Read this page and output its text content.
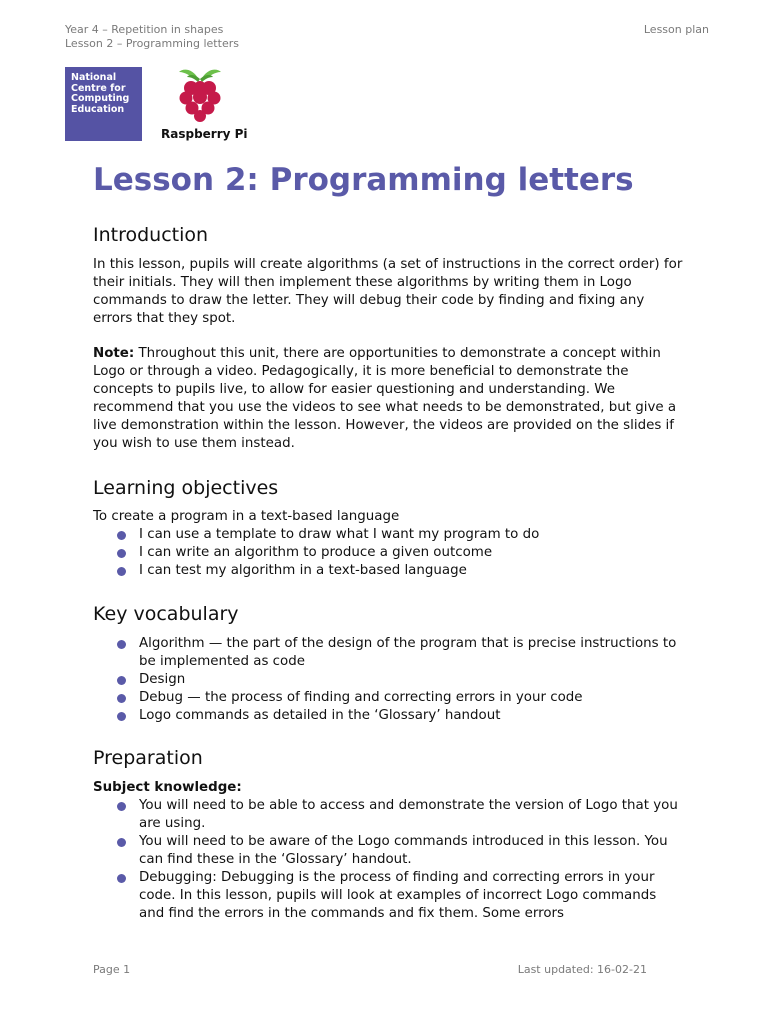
Year 4 – Repetition in shapes
Lesson 2 – Programming letters
Lesson plan
National
Centre for
Computing
Education
Raspberry Pi
Lesson 2: Programming letters
Introduction

In this lesson, pupils will create algorithms (a set of instructions in the correct order) for their initials. They will then implement these algorithms by writing them in Logo commands to draw the letter. They will debug their code by finding and fixing any errors that they spot.

Note: Throughout this unit, there are opportunities to demonstrate a concept within Logo or through a video. Pedagogically, it is more beneficial to demonstrate the concepts to pupils live, to allow for easier questioning and understanding. We recommend that you use the videos to see what needs to be demonstrated, but give a live demonstration within the lesson. However, the videos are provided on the slides if you wish to use them instead.

Learning objectives

To create a program in a text-based language

I can use a template to draw what I want my program to do
I can write an algorithm to produce a given outcome
I can test my algorithm in a text-based language
Key vocabulary
Algorithm — the part of the design of the program that is precise instructions to be implemented as code
Design
Debug — the process of finding and correcting errors in your code
Logo commands as detailed in the ‘Glossary’ handout
Preparation

Subject knowledge:

You will need to be able to access and demonstrate the version of Logo that you are using.
You will need to be aware of the Logo commands introduced in this lesson. You can find these in the ‘Glossary’ handout.
Debugging: Debugging is the process of finding and correcting errors in your code. In this lesson, pupils will look at examples of incorrect Logo commands and find the errors in the commands and fix them. Some errors
Page 1	Last updated: 16-02-21
